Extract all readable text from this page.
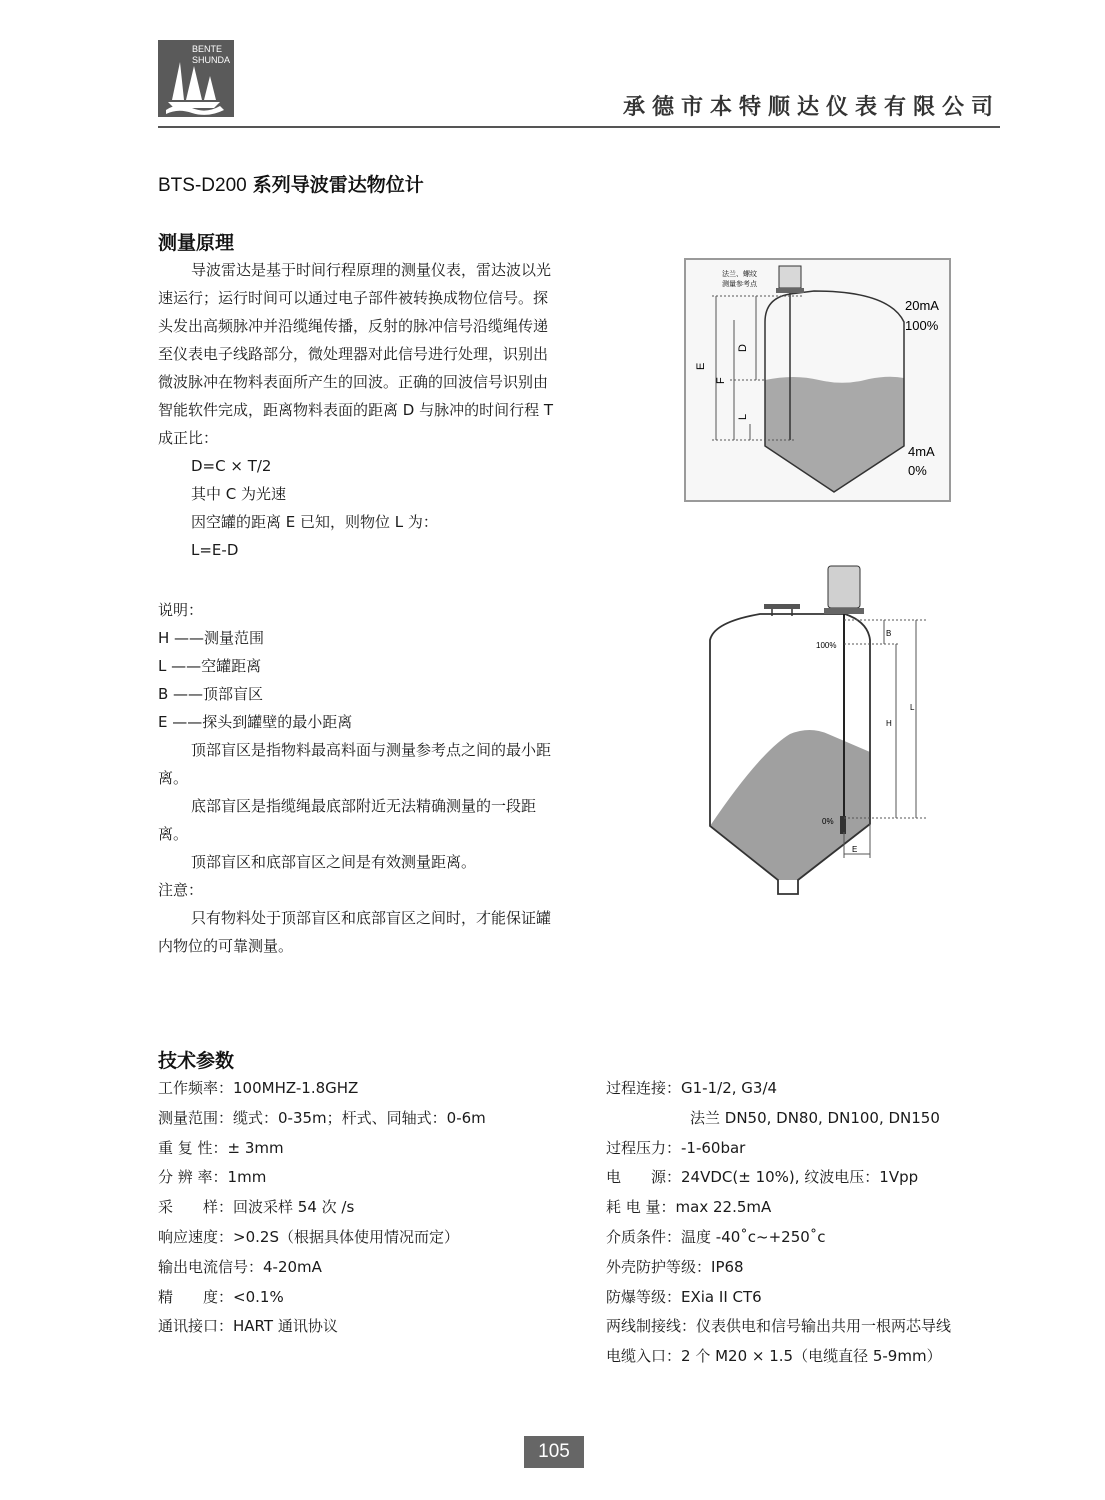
BENTE
SHUNDA
承德市本特顺达仪表有限公司
BTS-D200 系列导波雷达物位计
测量原理

导波雷达是基于时间行程原理的测量仪表，雷达波以光速运行；运行时间可以通过电子部件被转换成物位信号。探头发出高频脉冲并沿缆绳传播，反射的脉冲信号沿缆绳传递至仪表电子线路部分，微处理器对此信号进行处理，识别出微波脉冲在物料表面所产生的回波。正确的回波信号识别由智能软件完成，距离物料表面的距离 D 与脉冲的时间行程 T 成正比：

D=C × T/2

其中 C 为光速

因空罐的距离 E 已知，则物位 L 为：

L=E-D

说明：

H ——测量范围

L ——空罐距离

B ——顶部盲区

E ——探头到罐壁的最小距离

顶部盲区是指物料最高料面与测量参考点之间的最小距离。

底部盲区是指缆绳最底部附近无法精确测量的一段距离。

顶部盲区和底部盲区之间是有效测量距离。

注意：

只有物料处于顶部盲区和底部盲区之间时，才能保证罐内物位的可靠测量。

E
F
D
L
法兰、螺纹
测量参考点
20mA
100%
4mA
0%
B
H
L
E
100%
0%
技术参数
工作频率：100MHZ-1.8GHZ
测量范围：缆式：0-35m；杆式、同轴式：0-6m
重 复 性：± 3mm
分 辨 率：1mm
采　　样：回波采样 54 次 /s
响应速度：>0.2S（根据具体使用情况而定）
输出电流信号：4-20mA
精　　度：<0.1%
通讯接口：HART 通讯协议
过程连接：G1-1/2, G3/4
法兰 DN50, DN80, DN100, DN150
过程压力：-1-60bar
电　　源：24VDC(± 10%), 纹波电压：1Vpp
耗 电 量：max 22.5mA
介质条件：温度 -40˚c~+250˚c
外壳防护等级：IP68
防爆等级：EXia II CT6
两线制接线：仪表供电和信号输出共用一根两芯导线
电缆入口：2 个 M20 × 1.5（电缆直径 5-9mm）
105
